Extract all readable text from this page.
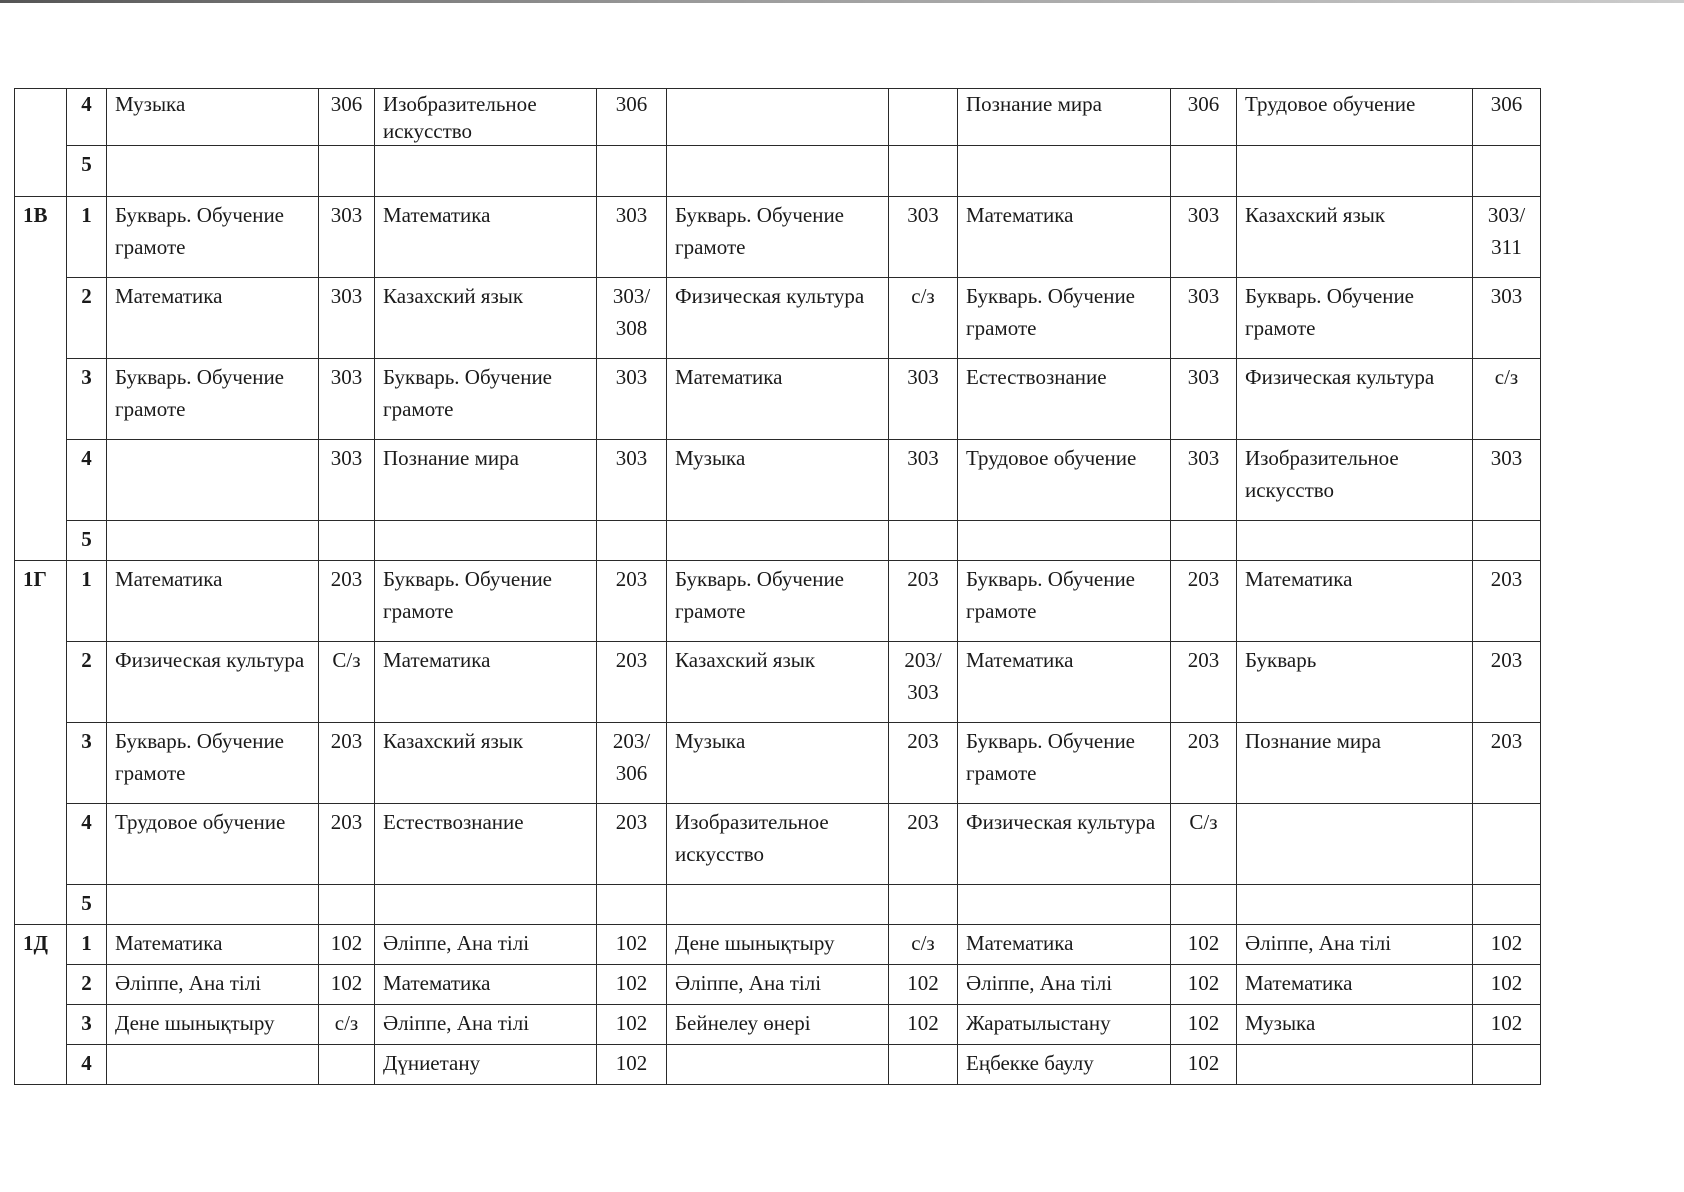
	4	Музыка	306	Изобразительное искусство	306			Познание мира	306	Трудовое обучение	306
	5										
1В	1	Букварь. Обучение грамоте	303	Математика	303	Букварь. Обучение грамоте	303	Математика	303	Казахский язык	303/ 311
	2	Математика	303	Казахский язык	303/ 308	Физическая культура	с/з	Букварь. Обучение грамоте	303	Букварь. Обучение грамоте	303
	3	Букварь. Обучение грамоте	303	Букварь. Обучение грамоте	303	Математика	303	Естествознание	303	Физическая культура	с/з
	4		303	Познание мира	303	Музыка	303	Трудовое обучение	303	Изобразительное искусство	303
	5										
1Г	1	Математика	203	Букварь. Обучение грамоте	203	Букварь. Обучение грамоте	203	Букварь. Обучение грамоте	203	Математика	203
	2	Физическая культура	С/з	Математика	203	Казахский язык	203/ 303	Математика	203	Букварь	203
	3	Букварь. Обучение грамоте	203	Казахский язык	203/ 306	Музыка	203	Букварь. Обучение грамоте	203	Познание мира	203
	4	Трудовое обучение	203	Естествознание	203	Изобразительное искусство	203	Физическая культура	С/з		
	5										
1Д	1	Математика	102	Әліппе, Ана тілі	102	Дене шынықтыру	с/з	Математика	102	Әліппе, Ана тілі	102
	2	Әліппе, Ана тілі	102	Математика	102	Әліппе, Ана тілі	102	Әліппе, Ана тілі	102	Математика	102
	3	Дене шынықтыру	с/з	Әліппе, Ана тілі	102	Бейнелеу өнері	102	Жаратылыстану	102	Музыка	102
	4			Дүниетану	102			Еңбекке баулу	102		
